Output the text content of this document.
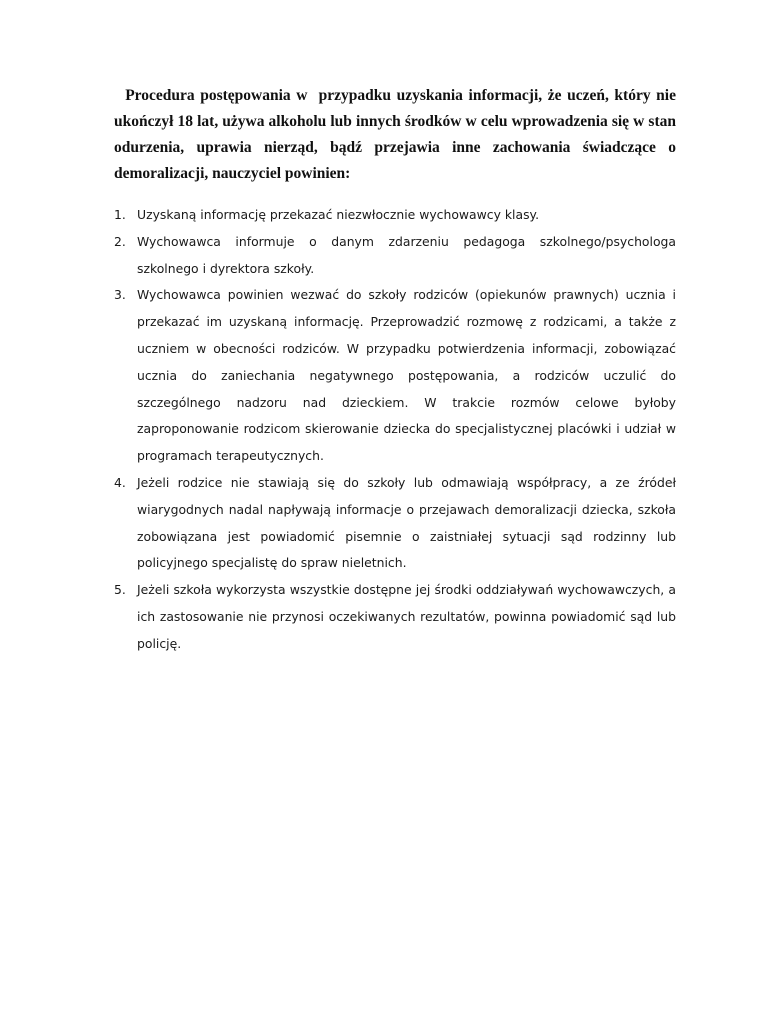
Procedura postępowania w  przypadku uzyskania informacji, że uczeń, który nie ukończył 18 lat, używa alkoholu lub innych środków w celu wprowadzenia się w stan odurzenia, uprawia nierząd, bądź przejawia inne zachowania świadczące o demoralizacji, nauczyciel powinien:

1. Uzyskaną informację przekazać niezwłocznie wychowawcy klasy.
2. Wychowawca informuje o danym zdarzeniu pedagoga szkolnego/psychologa szkolnego i dyrektora szkoły.
3. Wychowawca powinien wezwać do szkoły rodziców (opiekunów prawnych) ucznia i przekazać im uzyskaną informację. Przeprowadzić rozmowę z rodzicami, a także z uczniem w obecności rodziców. W przypadku potwierdzenia informacji, zobowiązać ucznia do zaniechania negatywnego postępowania, a rodziców uczulić do szczególnego nadzoru nad dzieckiem. W trakcie rozmów celowe byłoby zaproponowanie rodzicom skierowanie dziecka do specjalistycznej placówki i udział w programach terapeutycznych.
4. Jeżeli rodzice nie stawiają się do szkoły lub odmawiają współpracy, a ze źródeł wiarygodnych nadal napływają informacje o przejawach demoralizacji dziecka, szkoła zobowiązana jest powiadomić pisemnie o zaistniałej sytuacji sąd rodzinny lub policyjnego specjalistę do spraw nieletnich.
5. Jeżeli szkoła wykorzysta wszystkie dostępne jej środki oddziaływań wychowawczych, a ich zastosowanie nie przynosi oczekiwanych rezultatów, powinna powiadomić sąd lub policję.
